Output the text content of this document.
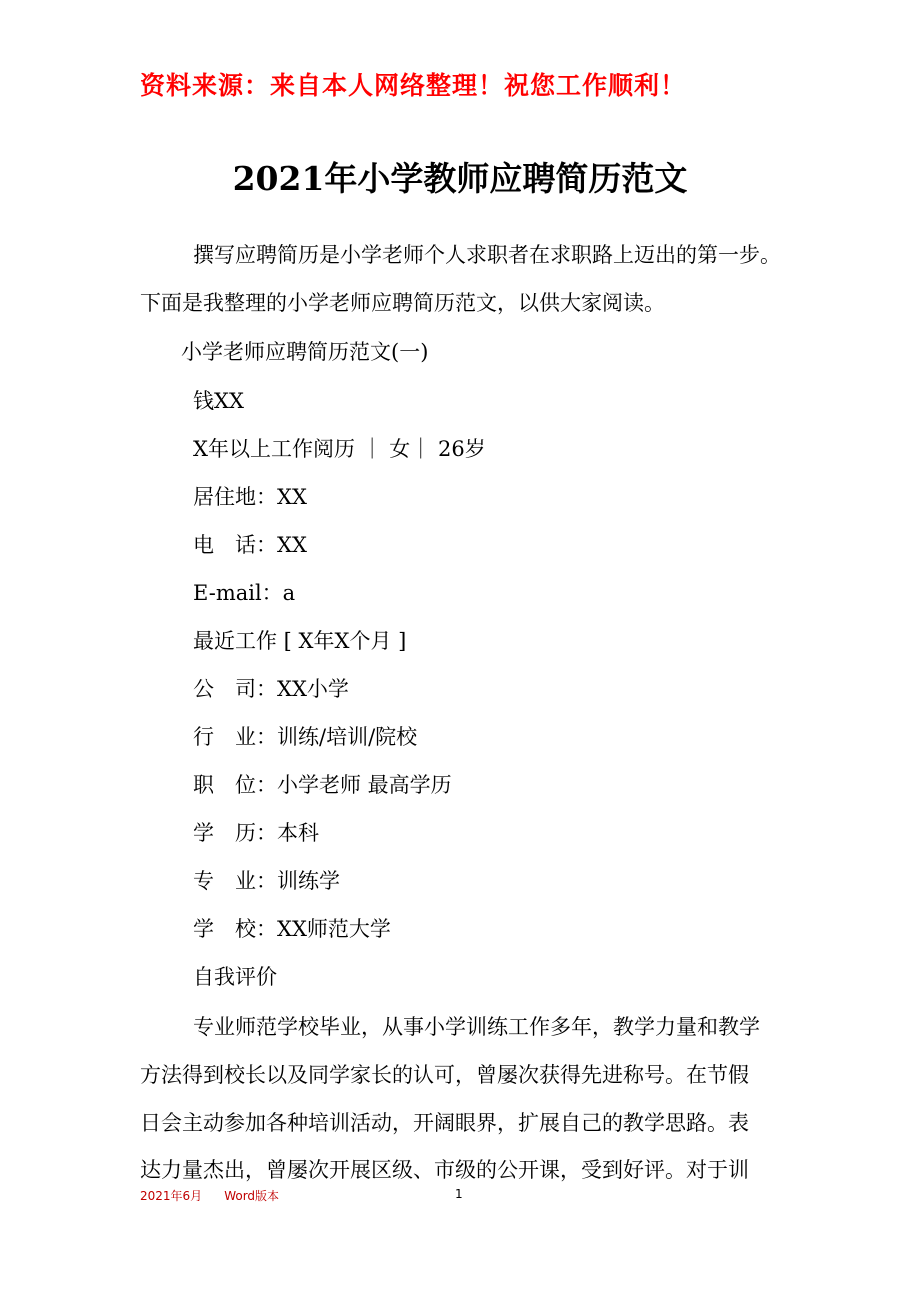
资料来源：来自本人网络整理！祝您工作顺利！
2021年小学教师应聘简历范文
撰写应聘简历是小学老师个人求职者在求职路上迈出的第一步。
下面是我整理的小学老师应聘简历范文，以供大家阅读。
小学老师应聘简历范文(一)
钱XX
X年以上工作阅历 ｜ 女｜ 26岁
居住地：XX
电　话：XX
E-mail：a
最近工作 [ X年X个月 ]
公　司：XX小学
行　业：训练/培训/院校
职　位：小学老师 最高学历
学　历：本科
专　业：训练学
学　校：XX师范大学
自我评价
专业师范学校毕业，从事小学训练工作多年，教学力量和教学
方法得到校长以及同学家长的认可，曾屡次获得先进称号。在节假
日会主动参加各种培训活动，开阔眼界，扩展自己的教学思路。表
达力量杰出，曾屡次开展区级、市级的公开课，受到好评。对于训
2021年6月 Word版本	1
